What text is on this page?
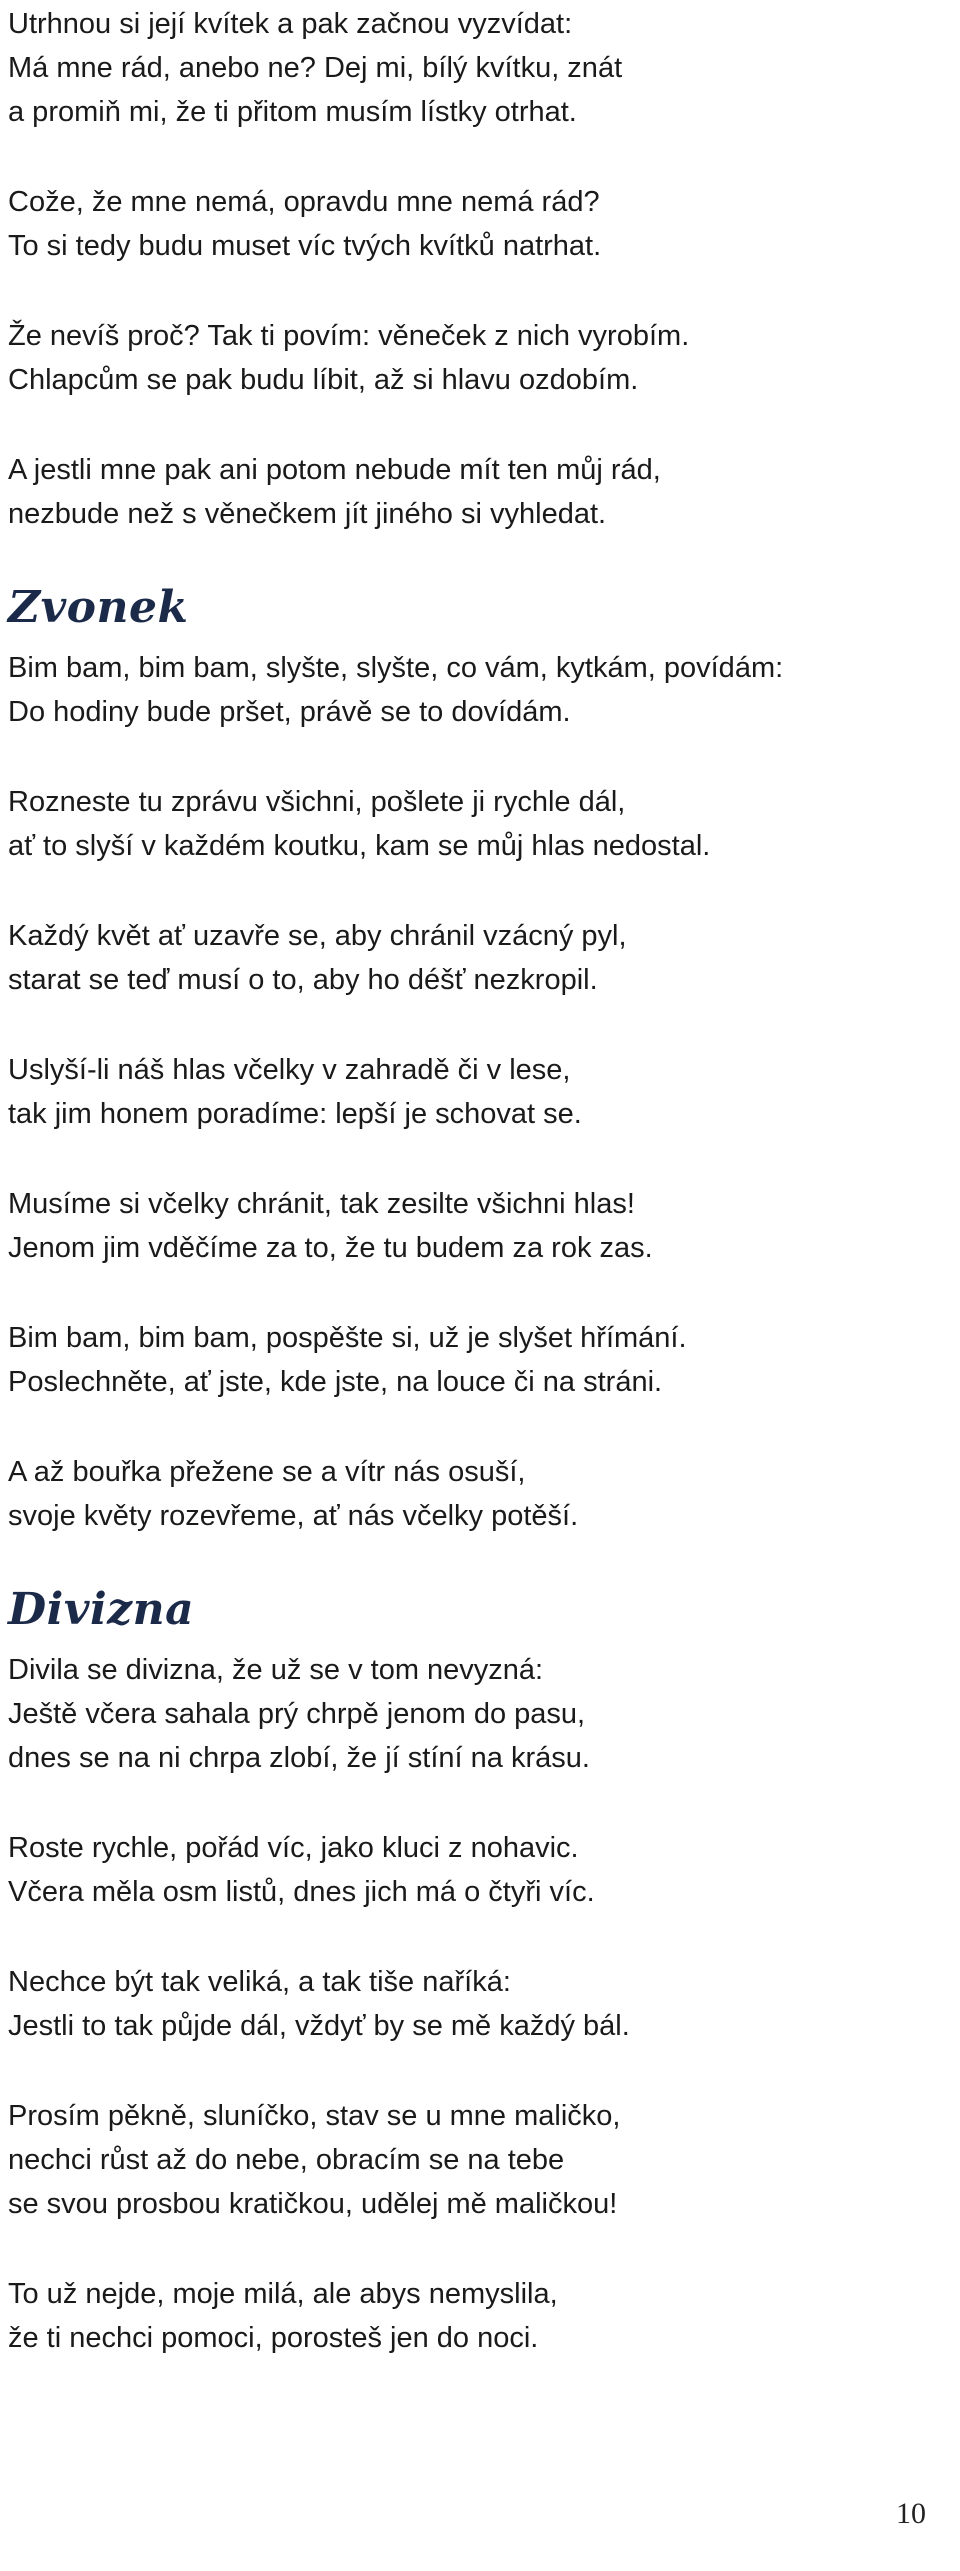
Utrhnou si její kvítek a pak začnou vyzvídat:
Má mne rád, anebo ne? Dej mi, bílý kvítku, znát
a promiň mi, že ti přitom musím lístky otrhat.
Cože, že mne nemá, opravdu mne nemá rád?
To si tedy budu muset víc tvých kvítků natrhat.
Že nevíš proč? Tak ti povím: věneček z nich vyrobím.
Chlapcům se pak budu líbit, až si hlavu ozdobím.
A jestli mne pak ani potom nebude mít ten můj rád,
nezbude než s věnečkem jít jiného si vyhledat.
Zvonek
Bim bam, bim bam, slyšte, slyšte, co vám, kytkám, povídám:
Do hodiny bude pršet, právě se to dovídám.
Rozneste tu zprávu všichni, pošlete ji rychle dál,
ať to slyší v každém koutku, kam se můj hlas nedostal.
Každý květ ať uzavře se, aby chránil vzácný pyl,
starat se teď musí o to, aby ho déšť nezkropil.
Uslyší-li náš hlas včelky v zahradě či v lese,
tak jim honem poradíme: lepší je schovat se.
Musíme si včelky chránit, tak zesilte všichni hlas!
Jenom jim vděčíme za to, že tu budem za rok zas.
Bim bam, bim bam, pospěšte si, už je slyšet hřímání.
Poslechněte, ať jste, kde jste, na louce či na stráni.
A až bouřka přežene se a vítr nás osuší,
svoje květy rozevřeme, ať nás včelky potěší.
Divizna
Divila se divizna, že už se v tom nevyzná:
Ještě včera sahala prý chrpě jenom do pasu,
dnes se na ni chrpa zlobí, že jí stíní na krásu.
Roste rychle, pořád víc, jako kluci z nohavic.
Včera měla osm listů, dnes jich má o čtyři víc.
Nechce být tak veliká, a tak tiše naříká:
Jestli to tak půjde dál, vždyť by se mě každý bál.
Prosím pěkně, sluníčko, stav se u mne maličko,
nechci růst až do nebe, obracím se na tebe
se svou prosbou kratičkou, udělej mě maličkou!
To už nejde, moje milá, ale abys nemyslila,
že ti nechci pomoci, porosteš jen do noci.
10
